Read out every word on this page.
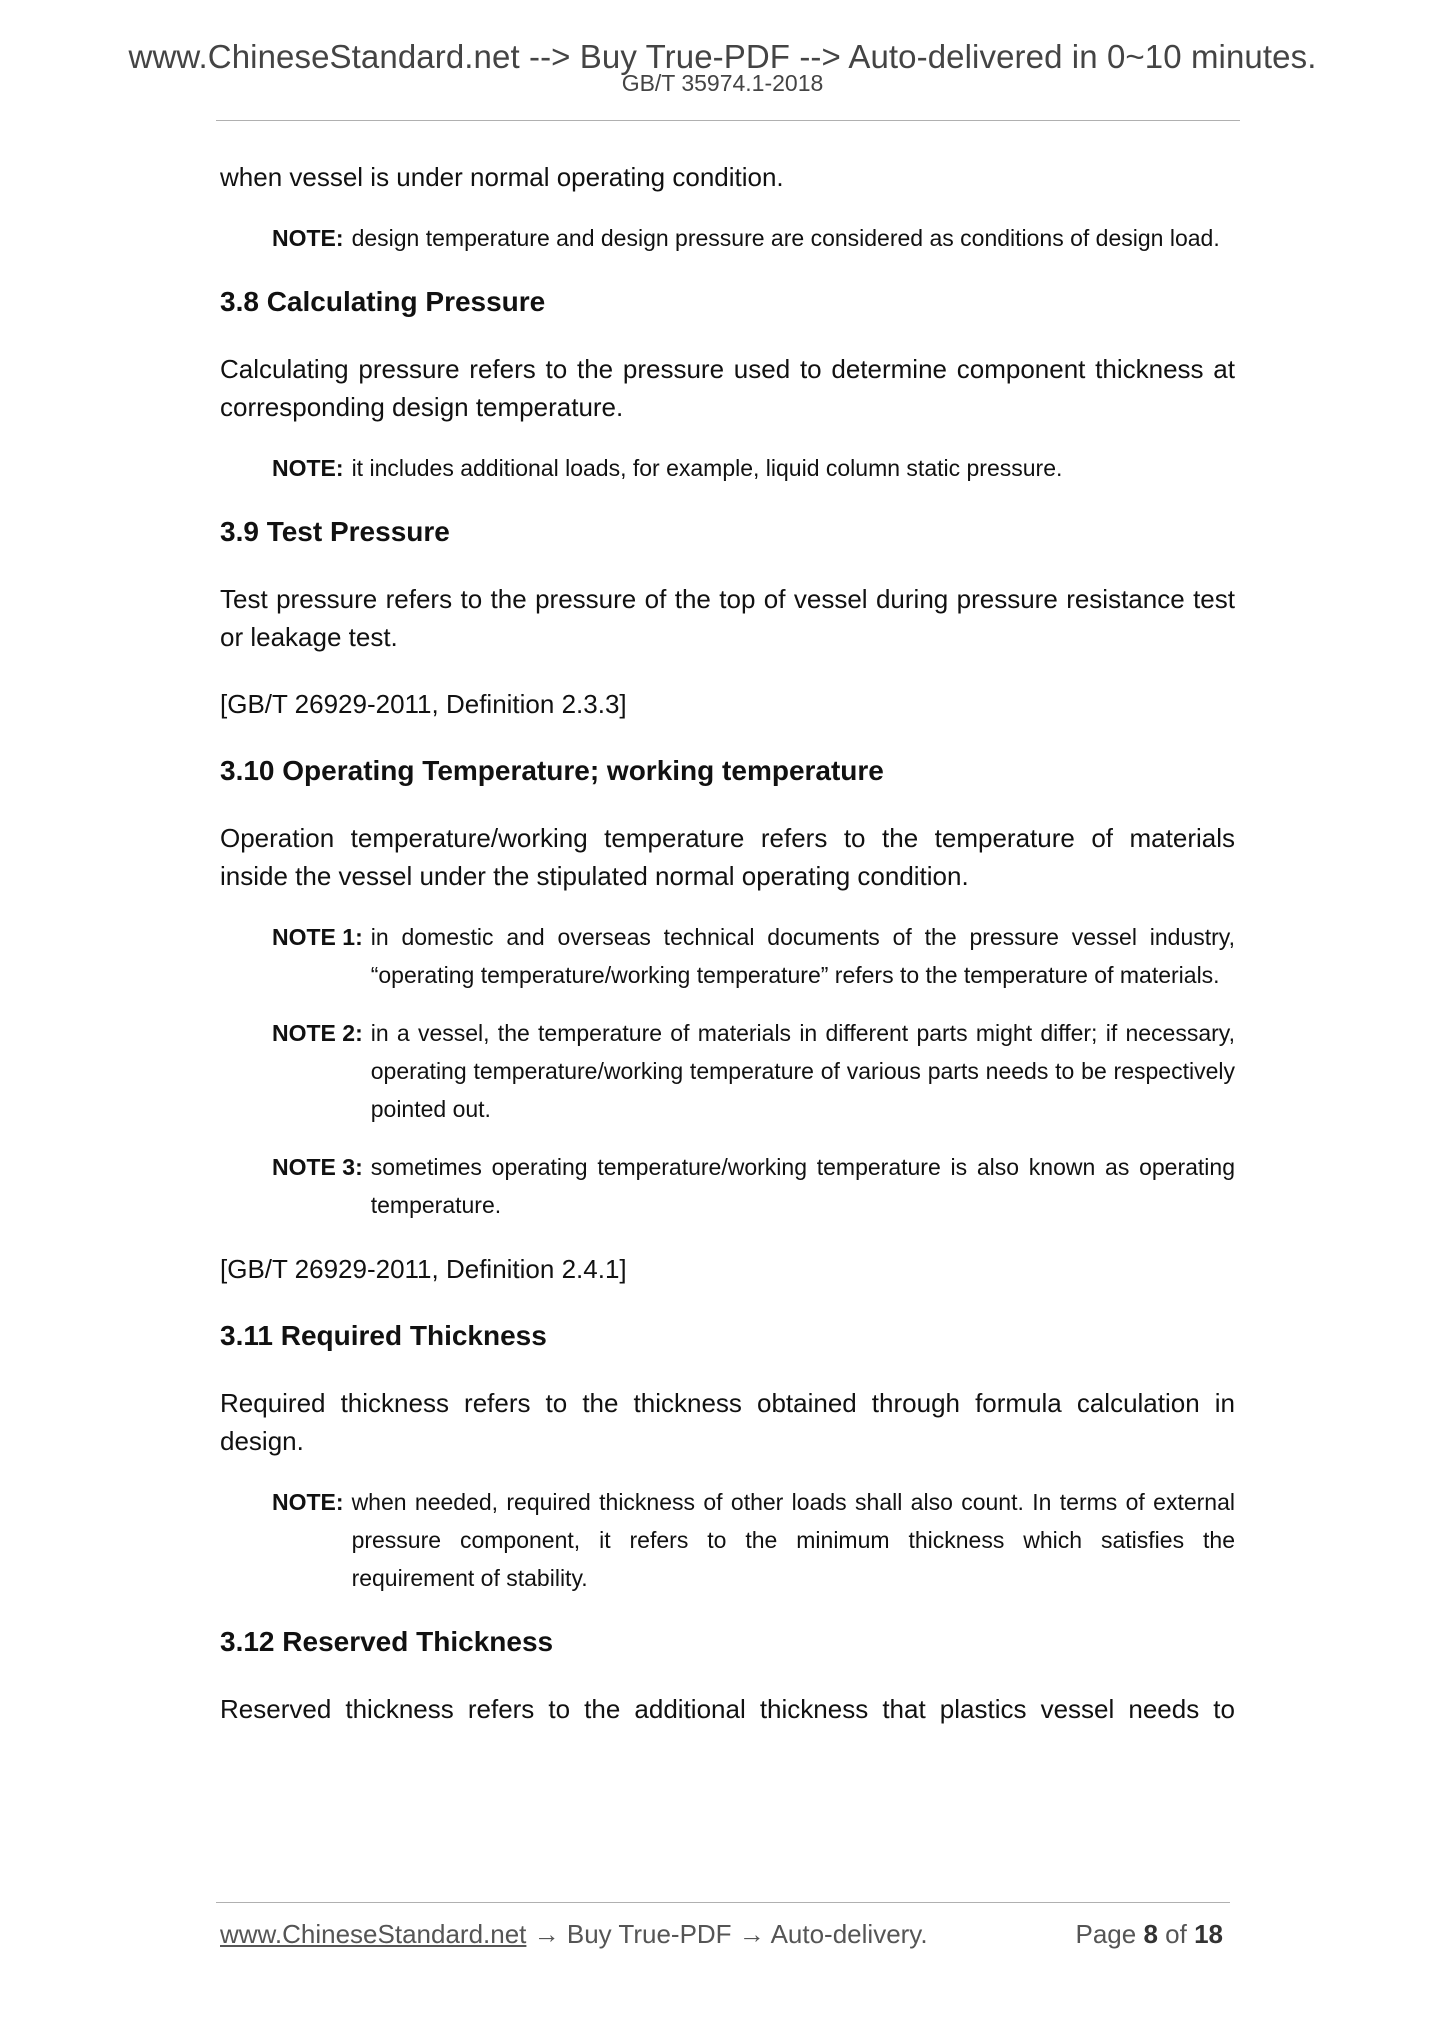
www.ChineseStandard.net --> Buy True-PDF --> Auto-delivered in 0~10 minutes.
GB/T 35974.1-2018

when vessel is under normal operating condition.

NOTE: design temperature and design pressure are considered as conditions of design load.
3.8 Calculating Pressure

Calculating pressure refers to the pressure used to determine component thickness at corresponding design temperature.

NOTE: it includes additional loads, for example, liquid column static pressure.
3.9 Test Pressure

Test pressure refers to the pressure of the top of vessel during pressure resistance test or leakage test.

[GB/T 26929-2011, Definition 2.3.3]

3.10 Operating Temperature; working temperature

Operation temperature/working temperature refers to the temperature of materials inside the vessel under the stipulated normal operating condition.

NOTE 1: in domestic and overseas technical documents of the pressure vessel industry, “operating temperature/working temperature” refers to the temperature of materials.
NOTE 2: in a vessel, the temperature of materials in different parts might differ; if necessary, operating temperature/working temperature of various parts needs to be respectively pointed out.
NOTE 3: sometimes operating temperature/working temperature is also known as operating temperature.

[GB/T 26929-2011, Definition 2.4.1]

3.11 Required Thickness

Required thickness refers to the thickness obtained through formula calculation in design.

NOTE: when needed, required thickness of other loads shall also count. In terms of external pressure component, it refers to the minimum thickness which satisfies the requirement of stability.
3.12 Reserved Thickness

Reserved thickness refers to the additional thickness that plastics vessel needs to

www.ChineseStandard.net → Buy True-PDF → Auto-delivery.	Page 8 of 18
